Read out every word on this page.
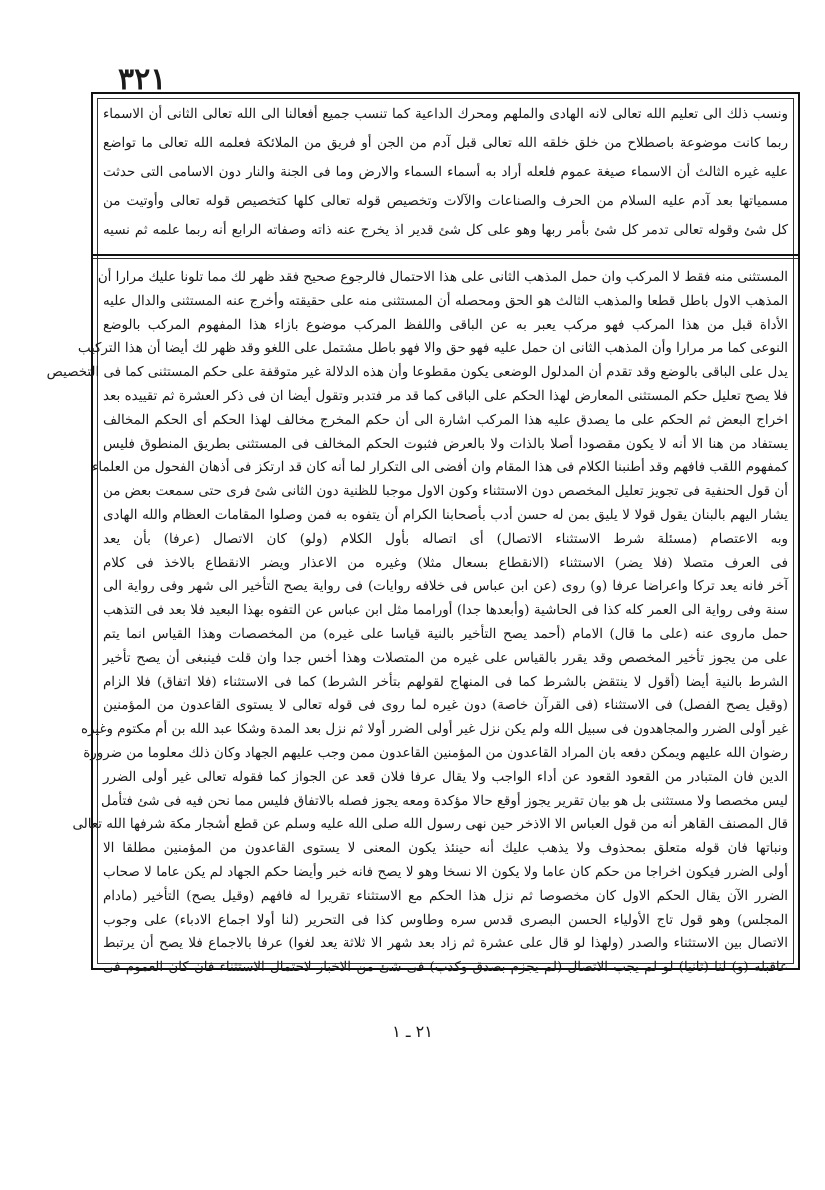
٣٢١
ونسب ذلك الى تعليم الله تعالى لانه الهادى والملهم ومحرك الداعية كما تنسب جميع أفعالنا الى الله تعالى الثانى أن الاسماء
ربما كانت موضوعة باصطلاح من خلق خلقه الله تعالى قبل آدم من الجن أو فريق من الملائكة فعلمه الله تعالى ما تواضع
عليه غيره الثالث أن الاسماء صيغة عموم فلعله أراد به أسماء السماء والارض وما فى الجنة والنار دون الاسامى التى حدثت
مسمياتها بعد آدم عليه السلام من الحرف والصناعات والآلات وتخصيص قوله تعالى كلها كتخصيص قوله تعالى وأوتيت من
كل شئ وقوله تعالى تدمر كل شئ بأمر ربها وهو على كل شئ قدير اذ يخرج عنه ذاته وصفاته الرابع أنه ربما علمه ثم نسيه
المستثنى منه فقط لا المركب وان حمل المذهب الثانى على هذا الاحتمال فالرجوع صحيح فقد ظهر لك مما تلونا عليك مرارا أن
المذهب الاول باطل قطعا والمذهب الثالث هو الحق ومحصله أن المستثنى منه على حقيقته وأخرج عنه المستثنى والدال عليه
الأداة قبل من هذا المركب فهو مركب يعبر به عن الباقى واللفظ المركب موضوع بازاء هذا المفهوم المركب بالوضع
النوعى كما مر مرارا وأن المذهب الثانى ان حمل عليه فهو حق والا فهو باطل مشتمل على اللغو وقد ظهر لك أيضا أن هذا التركيب
يدل على الباقى بالوضع وقد تقدم أن المدلول الوضعى يكون مقطوعا وأن هذه الدلالة غير متوقفة على حكم المستثنى كما فى التخصيص
فلا يصح تعليل حكم المستثنى المعارض لهذا الحكم على الباقى كما قد مر فتدبر وتقول أيضا ان فى ذكر العشرة ثم تقييده بعد
اخراج البعض ثم الحكم على ما يصدق عليه هذا المركب اشارة الى أن حكم المخرج مخالف لهذا الحكم أى الحكم المخالف
يستفاد من هنا الا أنه لا يكون مقصودا أصلا بالذات ولا بالعرض فثبوت الحكم المخالف فى المستثنى بطريق المنطوق فليس
كمفهوم اللقب فافهم وقد أطنبنا الكلام فى هذا المقام وان أفضى الى التكرار لما أنه كان قد ارتكز فى أذهان الفحول من العلماء
أن قول الحنفية فى تجويز تعليل المخصص دون الاستثناء وكون الاول موجبا للظنية دون الثانى شئ فرى حتى سمعت بعض من
يشار اليهم بالبنان يقول قولا لا يليق بمن له حسن أدب بأصحابنا الكرام أن يتفوه به فمن وصلوا المقامات العظام والله الهادى
وبه الاعتصام (مسئلة شرط الاستثناء الاتصال) أى اتصاله بأول الكلام (ولو) كان الاتصال (عرفا) بأن يعد
فى العرف متصلا (فلا يضر) الاستثناء (الانقطاع بسعال مثلا) وغيره من الاعذار ويضر الانقطاع بالاخذ فى كلام
آخر فانه يعد تركا واعراضا عرفا (و) روى (عن ابن عباس فى خلافه روايات) فى رواية يصح التأخير الى شهر وفى رواية الى
سنة وفى رواية الى العمر كله كذا فى الحاشية (وأبعدها جدا) أورامما مثل ابن عباس عن التفوه بهذا البعيد فلا بعد فى التذهب
حمل ماروى عنه (على ما قال) الامام (أحمد يصح التأخير بالنية قياسا على غيره) من المخصصات وهذا القياس انما يتم
على من يجوز تأخير المخصص وقد يقرر بالقياس على غيره من المتصلات وهذا أخس جدا وان قلت فينبغى أن يصح تأخير
الشرط بالنية أيضا (أقول لا ينتقض بالشرط كما فى المنهاج لقولهم بتأخر الشرط) كما فى الاستثناء (فلا اتفاق) فلا الزام
(وقيل يصح الفصل) فى الاستثناء (فى القرآن خاصة) دون غيره لما روى فى قوله تعالى لا يستوى القاعدون من المؤمنين
غير أولى الضرر والمجاهدون فى سبيل الله ولم يكن نزل غير أولى الضرر أولا ثم نزل بعد المدة وشكا عبد الله بن أم مكتوم وغيره
رضوان الله عليهم ويمكن دفعه بان المراد القاعدون من المؤمنين القاعدون ممن وجب عليهم الجهاد وكان ذلك معلوما من ضرورة
الدين فان المتبادر من القعود القعود عن أداء الواجب ولا يقال عرفا فلان قعد عن الجواز كما فقوله تعالى غير أولى الضرر
ليس مخصصا ولا مستثنى بل هو بيان تقرير يجوز أوقع حالا مؤكدة ومعه يجوز فصله بالاتفاق فليس مما نحن فيه فى شئ فتأمل
قال المصنف القاهر أنه من قول العباس الا الاذخر حين نهى رسول الله صلى الله عليه وسلم عن قطع أشجار مكة شرفها الله تعالى
ونباتها فان قوله متعلق بمحذوف ولا يذهب عليك أنه حينئذ يكون المعنى لا يستوى القاعدون من المؤمنين مطلقا الا
أولى الضرر فيكون اخراجا من حكم كان عاما ولا يكون الا نسخا وهو لا يصح فانه خبر وأيضا حكم الجهاد لم يكن عاما لا صحاب
الضرر الآن يقال الحكم الاول كان مخصوصا ثم نزل هذا الحكم مع الاستثناء تقريرا له فافهم (وقيل يصح) التأخير (مادام
المجلس) وهو قول تاج الأولياء الحسن البصرى قدس سره وطاوس كذا فى التحرير (لنا أولا اجماع الادباء) على وجوب
الاتصال بين الاستثناء والصدر (ولهذا لو قال على عشرة ثم زاد بعد شهر الا ثلاثة يعد لغوا) عرفا بالاجماع فلا يصح أن يرتبط
عاقبله (و) لنا (ثانيا) لو لم يجب الاتصال (لم يجزم بصدق وكذب) فى شئ من الاخبار لاحتمال الاستثناء فان كان العموم فى
٢١ ـ ١
